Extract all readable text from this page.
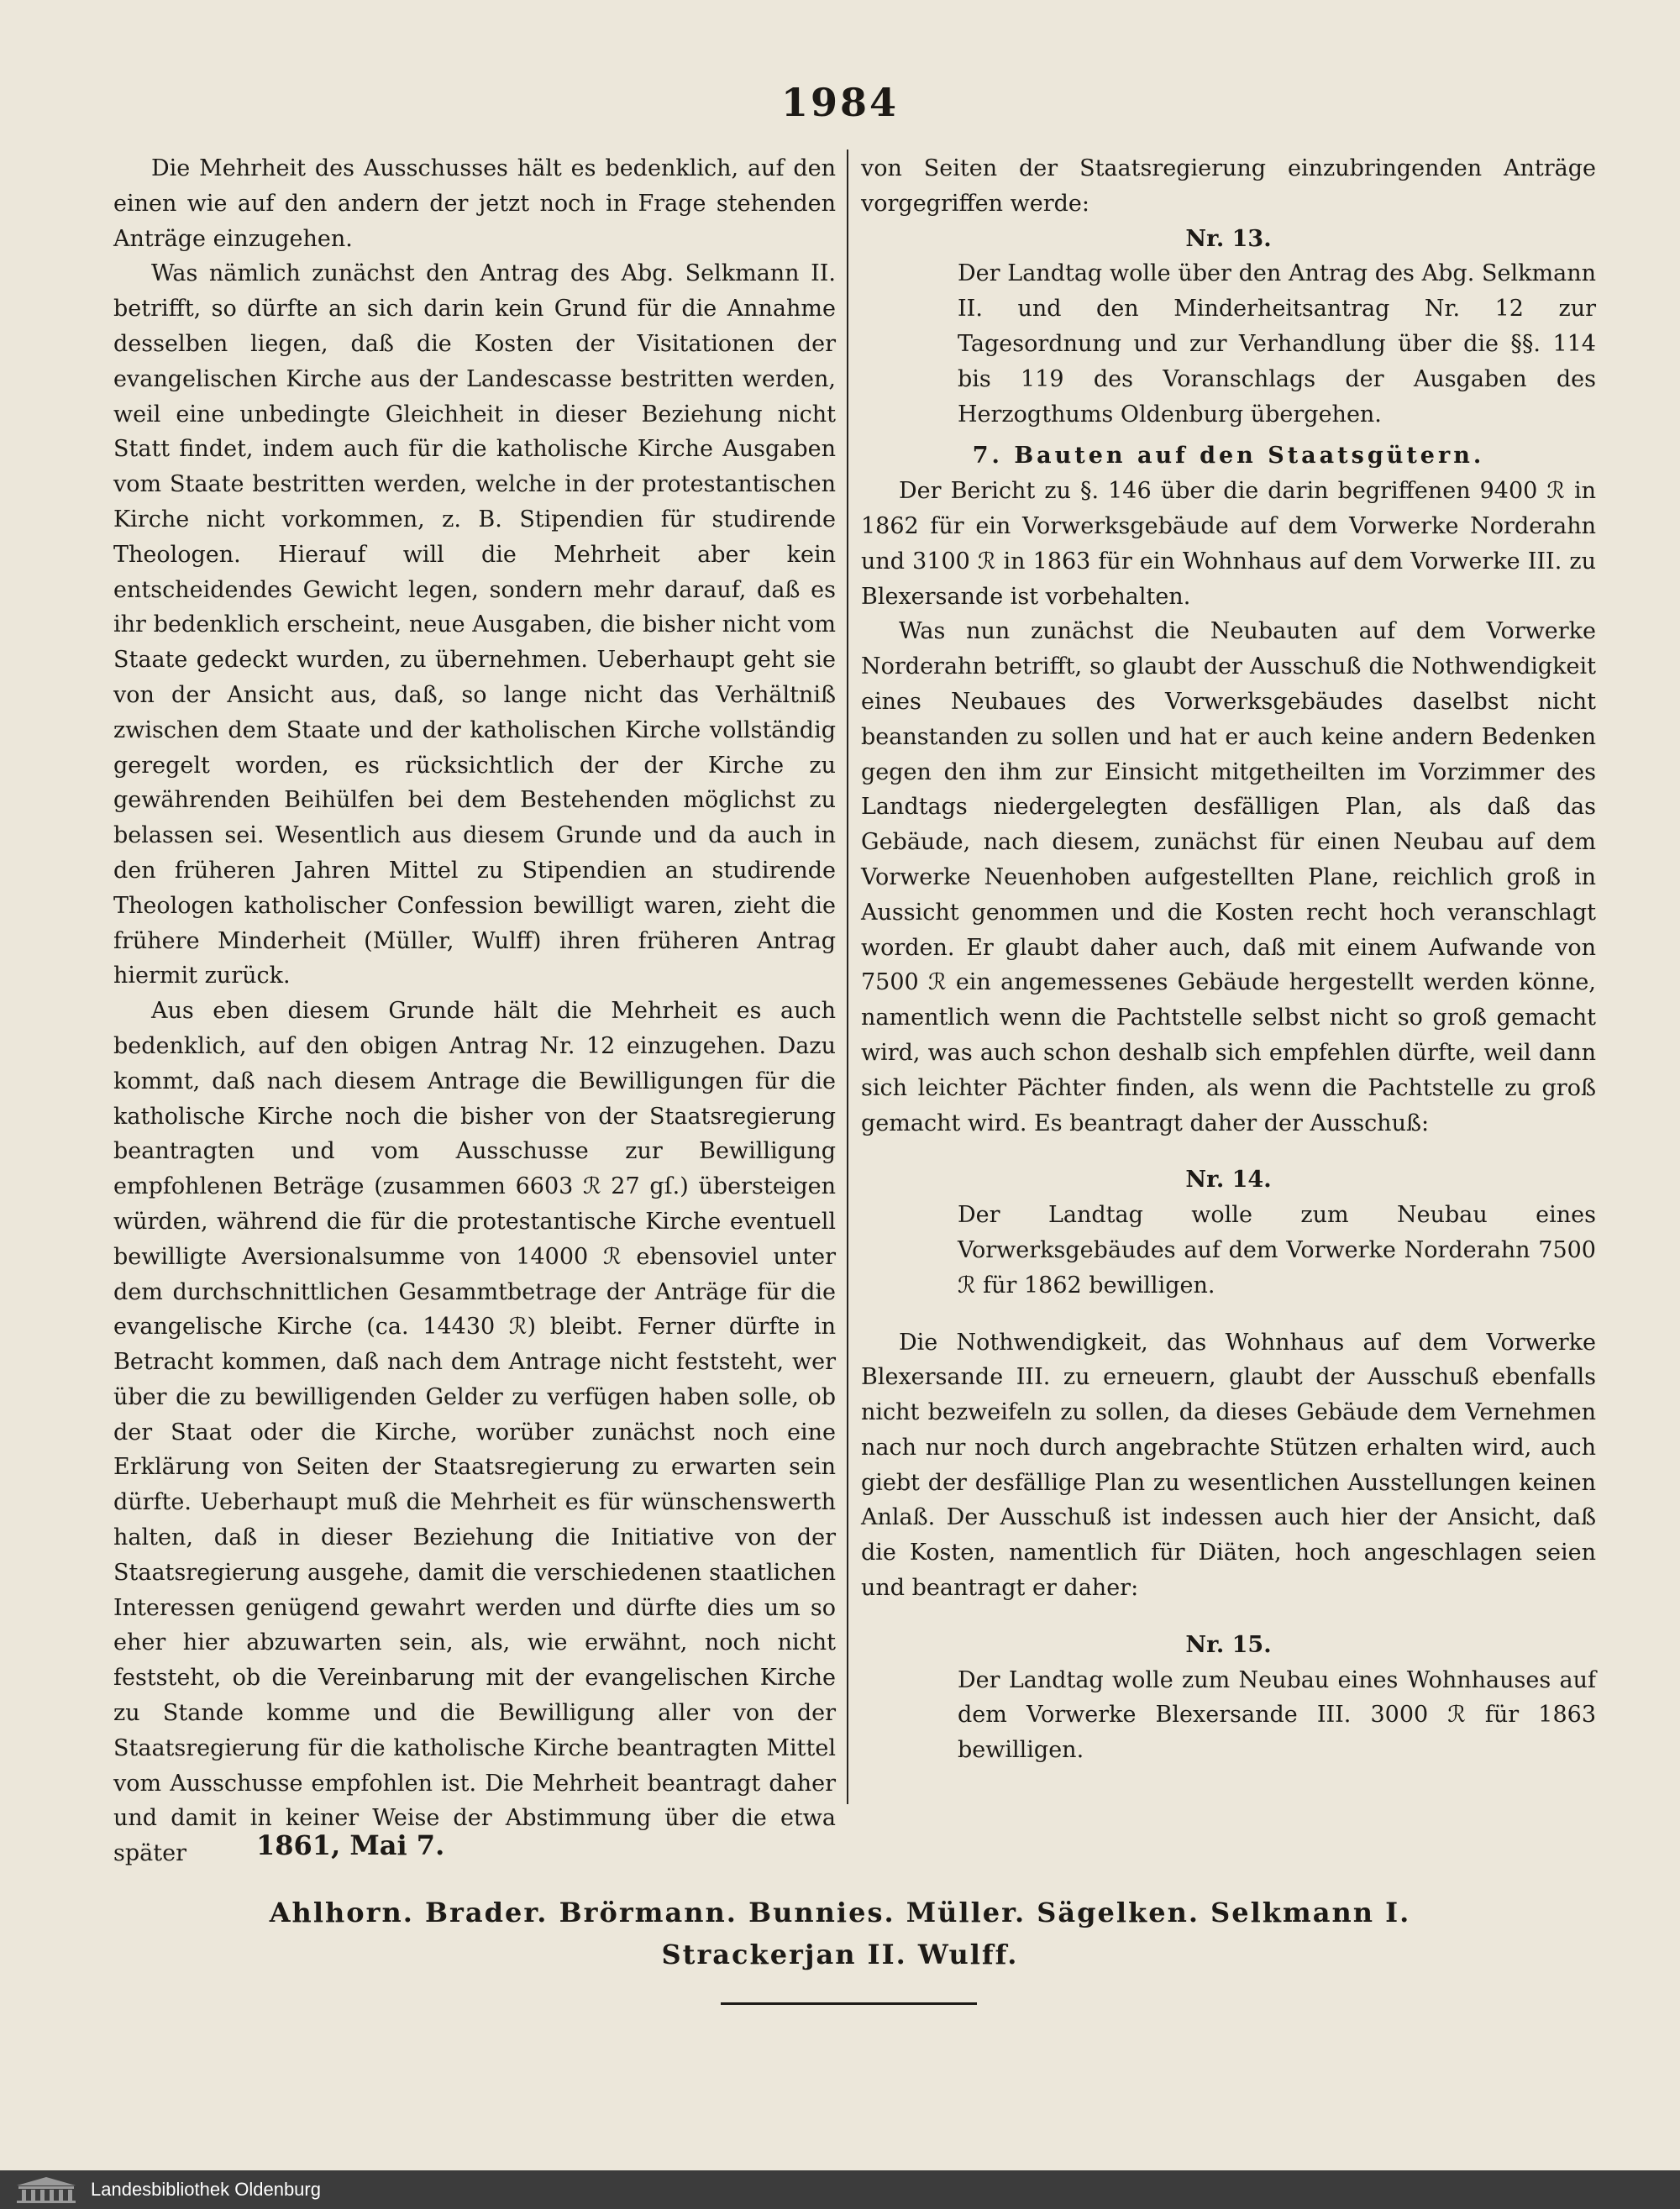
1984

Die Mehrheit des Ausschusses hält es bedenklich, auf den einen wie auf den andern der jetzt noch in Frage stehenden Anträge einzugehen.

Was nämlich zunächst den Antrag des Abg. Selkmann II. betrifft, so dürfte an sich darin kein Grund für die Annahme desselben liegen, daß die Kosten der Visitationen der evangelischen Kirche aus der Landescasse bestritten werden, weil eine unbedingte Gleichheit in dieser Beziehung nicht Statt findet, indem auch für die katholische Kirche Ausgaben vom Staate bestritten werden, welche in der protestantischen Kirche nicht vorkommen, z. B. Stipendien für studirende Theologen. Hierauf will die Mehrheit aber kein entscheidendes Gewicht legen, sondern mehr darauf, daß es ihr bedenklich erscheint, neue Ausgaben, die bisher nicht vom Staate gedeckt wurden, zu übernehmen. Ueberhaupt geht sie von der Ansicht aus, daß, so lange nicht das Verhältniß zwischen dem Staate und der katholischen Kirche vollständig geregelt worden, es rücksichtlich der der Kirche zu gewährenden Beihülfen bei dem Bestehenden möglichst zu belassen sei. Wesentlich aus diesem Grunde und da auch in den früheren Jahren Mittel zu Stipendien an studirende Theologen katholischer Confession bewilligt waren, zieht die frühere Minderheit (Müller, Wulff) ihren früheren Antrag hiermit zurück.

Aus eben diesem Grunde hält die Mehrheit es auch bedenklich, auf den obigen Antrag Nr. 12 einzugehen. Dazu kommt, daß nach diesem Antrage die Bewilligungen für die katholische Kirche noch die bisher von der Staatsregierung beantragten und vom Ausschusse zur Bewilligung empfohlenen Beträge (zusammen 6603 ℛ 27 gſ.) übersteigen würden, während die für die protestantische Kirche eventuell bewilligte Aversionalsumme von 14000 ℛ ebensoviel unter dem durchschnittlichen Gesammtbetrage der Anträge für die evangelische Kirche (ca. 14430 ℛ) bleibt. Ferner dürfte in Betracht kommen, daß nach dem Antrage nicht feststeht, wer über die zu bewilligenden Gelder zu verfügen haben solle, ob der Staat oder die Kirche, worüber zunächst noch eine Erklärung von Seiten der Staatsregierung zu erwarten sein dürfte. Ueberhaupt muß die Mehrheit es für wünschenswerth halten, daß in dieser Beziehung die Initiative von der Staatsregierung ausgehe, damit die verschiedenen staatlichen Interessen genügend gewahrt werden und dürfte dies um so eher hier abzuwarten sein, als, wie erwähnt, noch nicht feststeht, ob die Vereinbarung mit der evangelischen Kirche zu Stande komme und die Bewilligung aller von der Staatsregierung für die katholische Kirche beantragten Mittel vom Ausschusse empfohlen ist. Die Mehrheit beantragt daher und damit in keiner Weise der Abstimmung über die etwa später

von Seiten der Staatsregierung einzubringenden Anträge vorgegriffen werde:

Nr. 13.
Der Landtag wolle über den Antrag des Abg. Selkmann II. und den Minderheitsantrag Nr. 12 zur Tagesordnung und zur Verhandlung über die §§. 114 bis 119 des Voranschlags der Ausgaben des Herzogthums Oldenburg übergehen.
7. Bauten auf den Staatsgütern.

Der Bericht zu §. 146 über die darin begriffenen 9400 ℛ in 1862 für ein Vorwerksgebäude auf dem Vorwerke Norderahn und 3100 ℛ in 1863 für ein Wohnhaus auf dem Vorwerke III. zu Blexersande ist vorbehalten.

Was nun zunächst die Neubauten auf dem Vorwerke Norderahn betrifft, so glaubt der Ausschuß die Nothwendigkeit eines Neubaues des Vorwerksgebäudes daselbst nicht beanstanden zu sollen und hat er auch keine andern Bedenken gegen den ihm zur Einsicht mitgetheilten im Vorzimmer des Landtags niedergelegten desfälligen Plan, als daß das Gebäude, nach diesem, zunächst für einen Neubau auf dem Vorwerke Neuenhoben aufgestellten Plane, reichlich groß in Aussicht genommen und die Kosten recht hoch veranschlagt worden. Er glaubt daher auch, daß mit einem Aufwande von 7500 ℛ ein angemessenes Gebäude hergestellt werden könne, namentlich wenn die Pachtstelle selbst nicht so groß gemacht wird, was auch schon deshalb sich empfehlen dürfte, weil dann sich leichter Pächter finden, als wenn die Pachtstelle zu groß gemacht wird. Es beantragt daher der Ausschuß:

Nr. 14.
Der Landtag wolle zum Neubau eines Vorwerksgebäudes auf dem Vorwerke Norderahn 7500 ℛ für 1862 bewilligen.

Die Nothwendigkeit, das Wohnhaus auf dem Vorwerke Blexersande III. zu erneuern, glaubt der Ausschuß ebenfalls nicht bezweifeln zu sollen, da dieses Gebäude dem Vernehmen nach nur noch durch angebrachte Stützen erhalten wird, auch giebt der desfällige Plan zu wesentlichen Ausstellungen keinen Anlaß. Der Ausschuß ist indessen auch hier der Ansicht, daß die Kosten, namentlich für Diäten, hoch angeschlagen seien und beantragt er daher:

Nr. 15.
Der Landtag wolle zum Neubau eines Wohnhauses auf dem Vorwerke Blexersande III. 3000 ℛ für 1863 bewilligen.
1861, Mai 7.
Ahlhorn. Brader. Brörmann. Bunnies. Müller. Sägelken. Selkmann I.
Strackerjan II. Wulff.
Landesbibliothek Oldenburg
